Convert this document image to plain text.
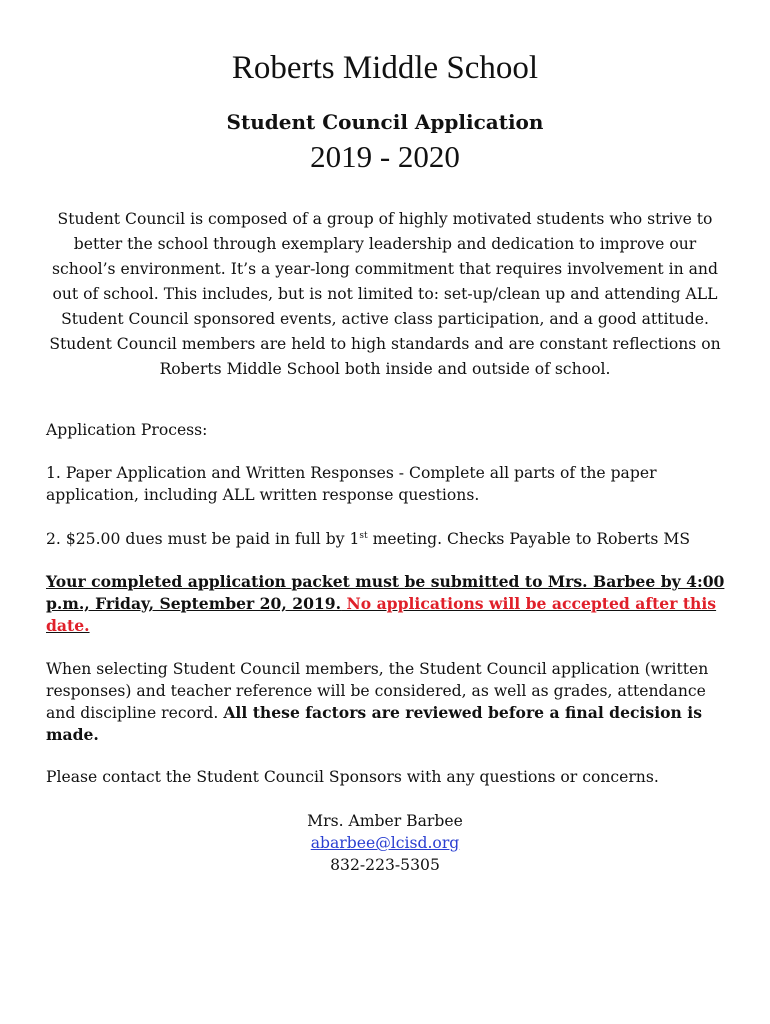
Roberts Middle School
Student Council Application
2019 - 2020

Student Council is composed of a group of highly motivated students who strive to better the school through exemplary leadership and dedication to improve our school’s environment. It’s a year-long commitment that requires involvement in and out of school. This includes, but is not limited to: set-up/clean up and attending ALL Student Council sponsored events, active class participation, and a good attitude. Student Council members are held to high standards and are constant reflections on Roberts Middle School both inside and outside of school.

Application Process:

1. Paper Application and Written Responses - Complete all parts of the paper application, including ALL written response questions.

2. $25.00 dues must be paid in full by 1st meeting. Checks Payable to Roberts MS

Your completed application packet must be submitted to Mrs. Barbee by 4:00 p.m., Friday, September 20, 2019. No applications will be accepted after this date.

When selecting Student Council members, the Student Council application (written responses) and teacher reference will be considered, as well as grades, attendance and discipline record. All these factors are reviewed before a final decision is made.

Please contact the Student Council Sponsors with any questions or concerns.

Mrs. Amber Barbee
abarbee@lcisd.org
832-223-5305
